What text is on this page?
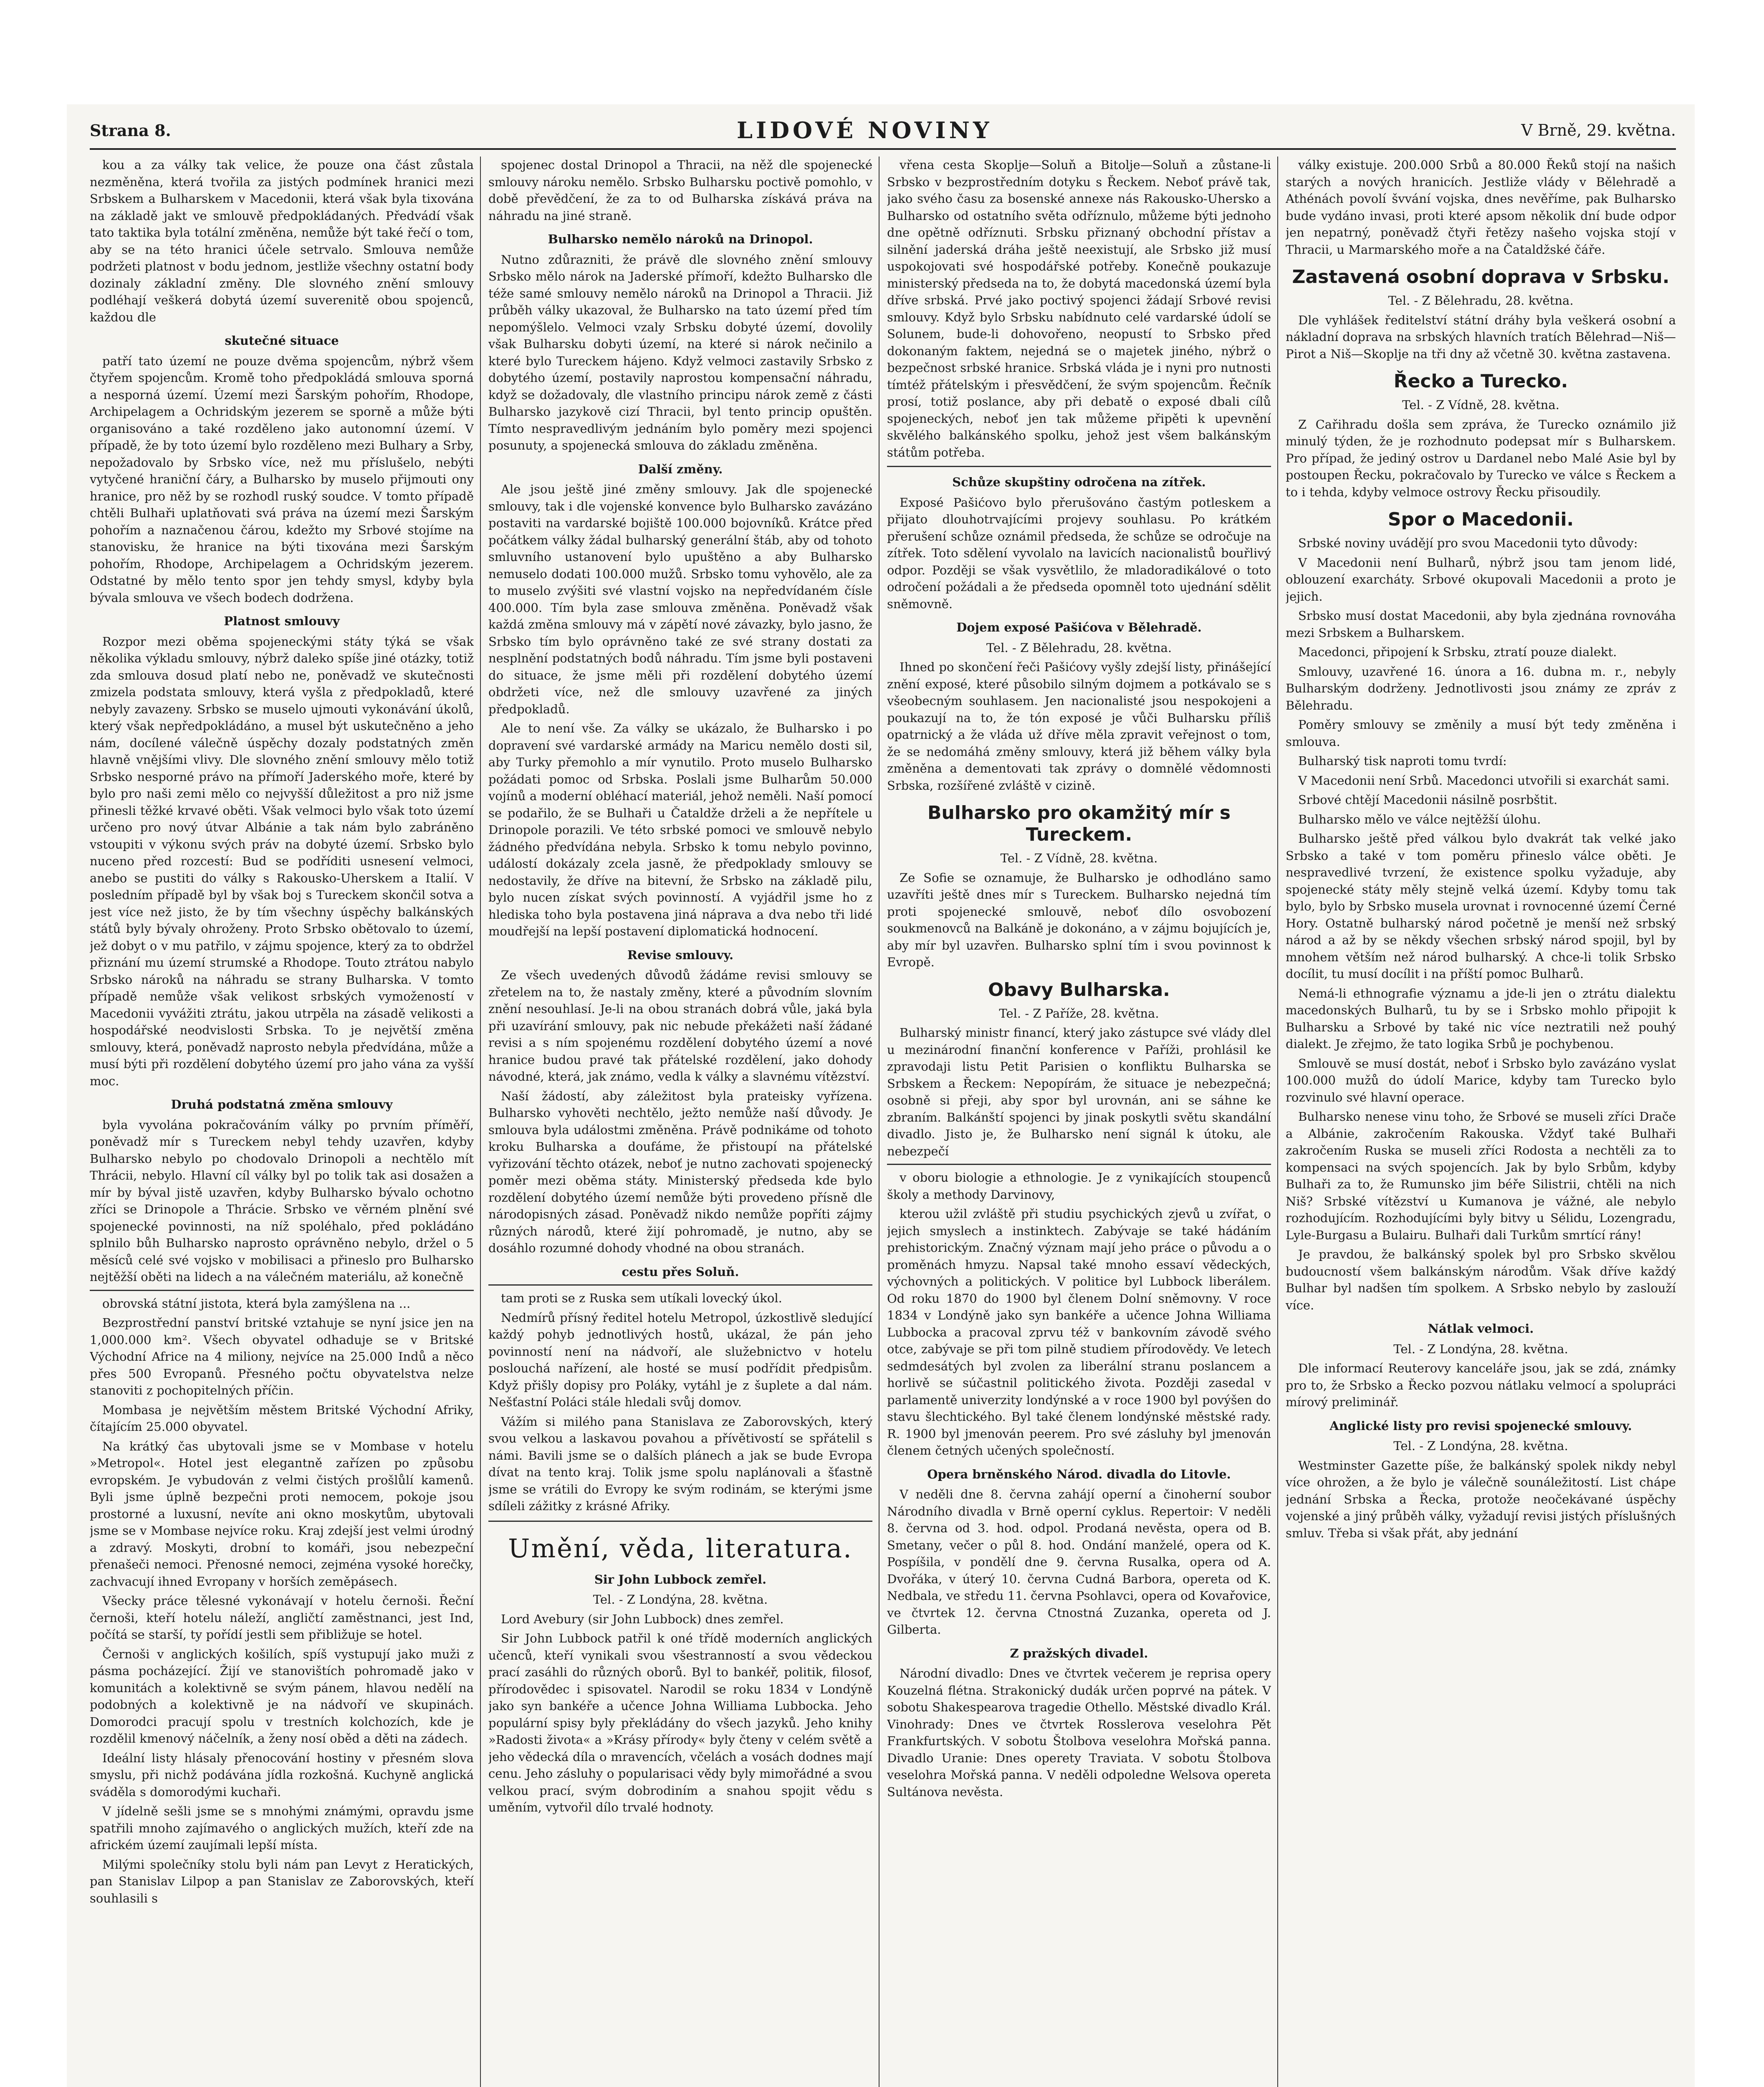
Strana 8.	LIDOVÉ NOVINY	V Brně, 29. května.

kou a za války tak velice, že pouze ona část zůstala nezměněna, která tvořila za jistých podmínek hranici mezi Srbskem a Bulharskem v Macedonii, která však byla tixována na základě jakt ve smlouvě předpokládaných. Předvádí však tato taktika byla totální změněna, nemůže být také řečí o tom, aby se na této hranici účele setrvalo. Smlouva nemůže podržeti platnost v bodu jednom, jestliže všechny ostatní body dozinaly základní změny. Dle slovného znění smlouvy podléhají veškerá dobytá území suverenitě obou spojenců, každou dle

skutečné situace

patří tato území ne pouze dvěma spojencům, nýbrž všem čtyřem spojencům. Kromě toho předpokládá smlouva sporná a nesporná území. Území mezi Šarským pohořím, Rhodope, Archipelagem a Ochridským jezerem se sporně a může býti organisováno a také rozděleno jako autonomní území. V případě, že by toto území bylo rozděleno mezi Bulhary a Srby, nepožadovalo by Srbsko více, než mu příslušelo, nebýti vytyčené hraniční čáry, a Bulharsko by muselo přijmouti ony hranice, pro něž by se rozhodl ruský soudce. V tomto případě chtěli Bulhaři uplatňovati svá práva na území mezi Šarským pohořím a naznačenou čárou, kdežto my Srbové stojíme na stanovisku, že hranice na býti tixována mezi Šarským pohořím, Rhodope, Archipelagem a Ochridským jezerem. Odstatné by mělo tento spor jen tehdy smysl, kdyby byla bývala smlouva ve všech bodech dodržena.

Platnost smlouvy

Rozpor mezi oběma spojeneckými státy týká se však několika výkladu smlouvy, nýbrž daleko spíše jiné otázky, totiž zda smlouva dosud platí nebo ne, poněvadž ve skutečnosti zmizela podstata smlouvy, která vyšla z předpokladů, které nebyly zavazeny. Srbsko se muselo ujmouti vykonávání úkolů, který však nepředpokládáno, a musel být uskutečněno a jeho nám, docílené válečně úspěchy dozaly podstatných změn hlavně vnějšími vlivy. Dle slovného znění smlouvy mělo totiž Srbsko nesporné právo na přímoří Jaderského moře, které by bylo pro naši zemi mělo co nejvyšší důležitost a pro niž jsme přinesli těžké krvavé oběti. Však velmoci bylo však toto území určeno pro nový útvar Albánie a tak nám bylo zabráněno vstoupiti v výkonu svých práv na dobyté území. Srbsko bylo nuceno před rozcestí: Bud se podříditi usnesení velmoci, anebo se pustiti do války s Rakousko-Uherskem a Italií. V posledním případě byl by však boj s Tureckem skončil sotva a jest více než jisto, že by tím všechny úspěchy balkánských států byly bývaly ohroženy. Proto Srbsko obětovalo to území, jež dobyt o v mu patřilo, v zájmu spojence, který za to obdržel přiznání mu území strumské a Rhodope. Touto ztrátou nabylo Srbsko nároků na náhradu se strany Bulharska. V tomto případě nemůže však velikost srbských vymožeností v Macedonii vyvážiti ztrátu, jakou utrpěla na zásadě velikosti a hospodářské neodvislosti Srbska. To je největší změna smlouvy, která, poněvadž naprosto nebyla předvídána, může a musí býti při rozdělení dobytého území pro jaho vána za vyšší moc.

Druhá podstatná změna smlouvy

byla vyvolána pokračováním války po prvním příměří, poněvadž mír s Tureckem nebyl tehdy uzavřen, kdyby Bulharsko nebylo po chodovalo Drinopoli a nechtělo mít Thrácii, nebylo. Hlavní cíl války byl po tolik tak asi dosažen a mír by býval jistě uzavřen, kdyby Bulharsko bývalo ochotno zříci se Drinopole a Thrácie. Srbsko ve věrném plnění své spojenecké povinnosti, na níž spoléhalo, před pokládáno splnilo bůh Bulharsko naprosto oprávněno nebylo, držel o 5 měsíců celé své vojsko v mobilisaci a přineslo pro Bulharsko nejtěžší oběti na lidech a na válečném materiálu, až konečně

obrovská státní jistota, která byla zamýšlena na ...

Bezprostřední panství britské vztahuje se nyní jsice jen na 1,000.000 km². Všech obyvatel odhaduje se v Britské Východní Africe na 4 miliony, nejvíce na 25.000 Indů a něco přes 500 Evropanů. Přesného počtu obyvatelstva nelze stanoviti z pochopitelných příčin.

Mombasa je největším městem Britské Východní Afriky, čítajícím 25.000 obyvatel.

Na krátký čas ubytovali jsme se v Mombase v hotelu »Metropol«. Hotel jest elegantně zařízen po způsobu evropském. Je vybudován z velmi čistých prošlůlí kamenů. Byli jsme úplně bezpečni proti nemocem, pokoje jsou prostorné a luxusní, nevíte ani okno moskytům, ubytovali jsme se v Mombase nejvíce roku. Kraj zdejší jest velmi úrodný a zdravý. Moskyti, drobní to komáři, jsou nebezpeční přenašeči nemoci. Přenosné nemoci, zejména vysoké horečky, zachvacují ihned Evropany v horších zeměpásech.

Všecky práce tělesné vykonávají v hotelu černoši. Řeční černoši, kteří hotelu náleží, angličtí zaměstnanci, jest Ind, počítá se starší, ty pořídí jestli sem přibližuje se hotel.

Černoši v anglických košilích, spíš vystupují jako muži z pásma pocházející. Žijí ve stanovištích pohromadě jako v komunitách a kolektivně se svým pánem, hlavou nedělí na podobných a kolektivně je na nádvoří ve skupinách. Domorodci pracují spolu v trestních kolchozích, kde je rozdělil kmenový náčelník, a ženy nosí oběd a děti na zádech.

Ideální listy hlásaly přenocování hostiny v přesném slova smyslu, při nichž podávána jídla rozkošná. Kuchyně anglická sváděla s domorodými kuchaři.

V jídelně sešli jsme se s mnohými známými, opravdu jsme spatřili mnoho zajímavého o anglických mužích, kteří zde na africkém území zaujímali lepší místa.

Milými společníky stolu byli nám pan Levyt z Heratických, pan Stanislav Lilpop a pan Stanislav ze Zaborovských, kteří souhlasili s

spojenec dostal Drinopol a Thracii, na něž dle spojenecké smlouvy nároku nemělo. Srbsko Bulharsku poctivě pomohlo, v době převědčení, že za to od Bulharska získává práva na náhradu na jiné straně.

Bulharsko nemělo nároků na Drinopol.

Nutno zdůrazniti, že právě dle slovného znění smlouvy Srbsko mělo nárok na Jaderské přímoří, kdežto Bulharsko dle téže samé smlouvy nemělo nároků na Drinopol a Thracii. Již průběh války ukazoval, že Bulharsko na tato území před tím nepomýšlelo. Velmoci vzaly Srbsku dobyté území, dovolily však Bulharsku dobyti území, na které si nárok nečinilo a které bylo Tureckem hájeno. Když velmoci zastavily Srbsko z dobytého území, postavily naprostou kompensační náhradu, když se dožadovaly, dle vlastního principu nárok země z části Bulharsko jazykově cizí Thracii, byl tento princip opuštěn. Tímto nespravedlivým jednáním bylo poměry mezi spojenci posunuty, a spojenecká smlouva do základu změněna.

Další změny.

Ale jsou ještě jiné změny smlouvy. Jak dle spojenecké smlouvy, tak i dle vojenské konvence bylo Bulharsko zavázáno postaviti na vardarské bojiště 100.000 bojovníků. Krátce před počátkem války žádal bulharský generální štáb, aby od tohoto smluvního ustanovení bylo upuštěno a aby Bulharsko nemuselo dodati 100.000 mužů. Srbsko tomu vyhovělo, ale za to muselo zvýšiti své vlastní vojsko na nepředvídaném čísle 400.000. Tím byla zase smlouva změněna. Poněvadž však každá změna smlouvy má v zápětí nové závazky, bylo jasno, že Srbsko tím bylo oprávněno také ze své strany dostati za nesplnění podstatných bodů náhradu. Tím jsme byli postaveni do situace, že jsme měli při rozdělení dobytého území obdržeti více, než dle smlouvy uzavřené za jiných předpokladů.

Ale to není vše. Za války se ukázalo, že Bulharsko i po dopravení své vardarské armády na Maricu nemělo dosti sil, aby Turky přemohlo a mír vynutilo. Proto muselo Bulharsko požádati pomoc od Srbska. Poslali jsme Bulharům 50.000 vojínů a moderní obléhací materiál, jehož neměli. Naší pomocí se podařilo, že se Bulhaři u Čataldže drželi a že nepřítele u Drinopole porazili. Ve této srbské pomoci ve smlouvě nebylo žádného předvídána nebyla. Srbsko k tomu nebylo povinno, událostí dokázaly zcela jasně, že předpoklady smlouvy se nedostavily, že dříve na bitevní, že Srbsko na základě pilu, bylo nucen získat svých povinností. A vyjádřil jsme ho z hlediska toho byla postavena jiná náprava a dva nebo tři lidé moudřejší na lepší postavení diplomatická hodnocení.

Revise smlouvy.

Ze všech uvedených důvodů žádáme revisi smlouvy se zřetelem na to, že nastaly změny, které a původním slovním znění nesouhlasí. Je-li na obou stranách dobrá vůle, jaká byla při uzavírání smlouvy, pak nic nebude překážeti naší žádané revisi a s ním spojenému rozdělení dobytého území a nové hranice budou pravé tak přátelské rozdělení, jako dohody návodné, která, jak známo, vedla k války a slavnému vítězství.

Naší žádostí, aby záležitost byla prateisky vyřízena. Bulharsko vyhověti nechtělo, ježto nemůže naší důvody. Je smlouva byla událostmi změněna. Právě podnikáme od tohoto kroku Bulharska a doufáme, že přistoupí na přátelské vyřizování těchto otázek, neboť je nutno zachovati spojenecký poměr mezi oběma státy. Ministerský předseda kde bylo rozdělení dobytého území nemůže býti provedeno přísně dle národopisných zásad. Poněvadž nikdo nemůže popříti zájmy různých národů, které žijí pohromadě, je nutno, aby se dosáhlo rozumné dohody vhodné na obou stranách.

cestu přes Soluň.

tam proti se z Ruska sem utíkali lovecký úkol.

Nedmírů přísný ředitel hotelu Metropol, úzkostlivě sledující každý pohyb jednotlivých hostů, ukázal, že pán jeho povinností není na nádvoří, ale služebnictvo v hotelu poslouchá nařízení, ale hosté se musí podřídit předpisům. Když přišly dopisy pro Poláky, vytáhl je z šuplete a dal nám. Nešťastní Poláci stále hledali svůj domov.

Vážím si milého pana Stanislava ze Zaborovských, který svou velkou a laskavou povahou a přívětivostí se spřátelil s námi. Bavili jsme se o dalších plánech a jak se bude Evropa dívat na tento kraj. Tolik jsme spolu naplánovali a šťastně jsme se vrátili do Evropy ke svým rodinám, se kterými jsme sdíleli zážitky z krásné Afriky.

Umění, věda, literatura.

Sir John Lubbock zemřel.

Tel. - Z Londýna, 28. května.

Lord Avebury (sir John Lubbock) dnes zemřel.

Sir John Lubbock patřil k oné třídě moderních anglických učenců, kteří vynikali svou všestranností a svou vědeckou prací zasáhli do různých oborů. Byl to bankéř, politik, filosof, přírodovědec i spisovatel. Narodil se roku 1834 v Londýně jako syn bankéře a učence Johna Williama Lubbocka. Jeho populární spisy byly překládány do všech jazyků. Jeho knihy »Radosti života« a »Krásy přírody« byly čteny v celém světě a jeho vědecká díla o mravencích, včelách a vosách dodnes mají cenu. Jeho zásluhy o popularisaci vědy byly mimořádné a svou velkou prací, svým dobrodiním a snahou spojit vědu s uměním, vytvořil dílo trvalé hodnoty.

vřena cesta Skoplje—Soluň a Bitolje—Soluň a zůstane-li Srbsko v bezprostředním dotyku s Řeckem. Neboť právě tak, jako svého času za bosenské annexe nás Rakousko-Uhersko a Bulharsko od ostatního světa odříznulo, můžeme býti jednoho dne opětně odříznuti. Srbsku přiznaný obchodní přístav a silnění jaderská dráha ještě neexistují, ale Srbsko již musí uspokojovati své hospodářské potřeby. Konečně poukazuje ministerský předseda na to, že dobytá macedonská území byla dříve srbská. Prvé jako poctivý spojenci žádají Srbové revisi smlouvy. Když bylo Srbsku nabídnuto celé vardarské údolí se Solunem, bude-li dohovořeno, neopustí to Srbsko před dokonaným faktem, nejedná se o majetek jiného, nýbrž o bezpečnost srbské hranice. Srbská vláda je i nyni pro nutnosti tímtéž přátelským i přesvědčení, že svým spojencům. Řečník prosí, totiž poslance, aby při debatě o exposé dbali cílů spojeneckých, neboť jen tak můžeme připěti k upevnění skvělého balkánského spolku, jehož jest všem balkánským státům potřeba.

Schůze skupštiny odročena na zítřek.

Exposé Pašićovo bylo přerušováno častým potleskem a přijato dlouhotrvajícími projevy souhlasu. Po krátkém přerušení schůze oznámil předseda, že schůze se odročuje na zítřek. Toto sdělení vyvolalo na lavicích nacionalistů bouřlivý odpor. Později se však vysvětlilo, že mladoradikálové o toto odročení požádali a že předseda opomněl toto ujednání sdělit sněmovně.

Dojem exposé Pašićova v Bělehradě.

Tel. - Z Bělehradu, 28. května.

Ihned po skončení řeči Pašićovy vyšly zdejší listy, přinášející znění exposé, které působilo silným dojmem a potkávalo se s všeobecným souhlasem. Jen nacionalisté jsou nespokojeni a poukazují na to, že tón exposé je vůči Bulharsku příliš opatrnický a že vláda už dříve měla zpravit veřejnost o tom, že se nedomáhá změny smlouvy, která již během války byla změněna a dementovati tak zprávy o domnělé vědomnosti Srbska, rozšířené zvláště v cizině.

Bulharsko pro okamžitý mír s Tureckem.

Tel. - Z Vídně, 28. května.

Ze Sofie se oznamuje, že Bulharsko je odhodláno samo uzavříti ještě dnes mír s Tureckem. Bulharsko nejedná tím proti spojenecké smlouvě, neboť dílo osvobození soukmenovců na Balkáně je dokonáno, a v zájmu bojujících je, aby mír byl uzavřen. Bulharsko splní tím i svou povinnost k Evropě.

Obavy Bulharska.

Tel. - Z Paříže, 28. května.

Bulharský ministr financí, který jako zástupce své vlády dlel u mezinárodní finanční konference v Paříži, prohlásil ke zpravodaji listu Petit Parisien o konfliktu Bulharska se Srbskem a Řeckem: Nepopírám, že situace je nebezpečná; osobně si přeji, aby spor byl urovnán, ani se sáhne ke zbraním. Balkánští spojenci by jinak poskytli světu skandální divadlo. Jisto je, že Bulharsko není signál k útoku, ale nebezpečí

v oboru biologie a ethnologie. Je z vynikajících stoupenců školy a methody Darvinovy,

kterou užil zvláště při studiu psychických zjevů u zvířat, o jejich smyslech a instinktech. Zabývaje se také hádáním prehistorickým. Značný význam mají jeho práce o původu a o proměnách hmyzu. Napsal také mnoho essaví vědeckých, výchovných a politických. V politice byl Lubbock liberálem. Od roku 1870 do 1900 byl členem Dolní sněmovny. V roce 1834 v Londýně jako syn bankéře a učence Johna Williama Lubbocka a pracoval zprvu též v bankovním závodě svého otce, zabývaje se při tom pilně studiem přírodovědy. Ve letech sedmdesátých byl zvolen za liberální stranu poslancem a horlivě se súčastnil politického života. Později zasedal v parlamentě univerzity londýnské a v roce 1900 byl povýšen do stavu šlechtického. Byl také členem londýnské městské rady. R. 1900 byl jmenován peerem. Pro své zásluhy byl jmenován členem četných učených společností.

Opera brněnského Národ. divadla do Litovle.

V neděli dne 8. června zahájí operní a činoherní soubor Národního divadla v Brně operní cyklus. Repertoir: V neděli 8. června od 3. hod. odpol. Prodaná nevěsta, opera od B. Smetany, večer o půl 8. hod. Ondání manželé, opera od K. Pospíšila, v pondělí dne 9. června Rusalka, opera od A. Dvořáka, v úterý 10. června Cudná Barbora, opereta od K. Nedbala, ve středu 11. června Psohlavci, opera od Kovařovice, ve čtvrtek 12. června Ctnostná Zuzanka, opereta od J. Gilberta.

Z pražských divadel.

Národní divadlo: Dnes ve čtvrtek večerem je reprisa opery Kouzelná flétna. Strakonický dudák určen poprvé na pátek. V sobotu Shakespearova tragedie Othello. Městské divadlo Král. Vinohrady: Dnes ve čtvrtek Rosslerova veselohra Pět Frankfurtských. V sobotu Štolbova veselohra Mořská panna. Divadlo Uranie: Dnes operety Traviata. V sobotu Štolbova veselohra Mořská panna. V neděli odpoledne Welsova opereta Sultánova nevěsta.

války existuje. 200.000 Srbů a 80.000 Řeků stojí na našich starých a nových hranicích. Jestliže vlády v Bělehradě a Athénách povolí švvání vojska, dnes nevěříme, pak Bulharsko bude vydáno invasi, proti které apsom několik dní bude odpor jen nepatrný, poněvadž čtyři řetězy našeho vojska stojí v Thracii, u Marmarského moře a na Čataldžské čáře.

Zastavená osobní doprava v Srbsku.

Tel. - Z Bělehradu, 28. května.

Dle vyhlášek ředitelství státní dráhy byla veškerá osobní a nákladní doprava na srbských hlavních tratích Bělehrad—Niš—Pirot a Niš—Skoplje na tři dny až včetně 30. května zastavena.

Řecko a Turecko.

Tel. - Z Vídně, 28. května.

Z Cařihradu došla sem zpráva, že Turecko oznámilo již minulý týden, že je rozhodnuto podepsat mír s Bulharskem. Pro případ, že jediný ostrov u Dardanel nebo Malé Asie byl by postoupen Řecku, pokračovalo by Turecko ve válce s Řeckem a to i tehda, kdyby velmoce ostrovy Řecku přisoudily.

Spor o Macedonii.

Srbské noviny uvádějí pro svou Macedonii tyto důvody:

V Macedonii není Bulharů, nýbrž jsou tam jenom lidé, oblouzení exarcháty. Srbové okupovali Macedonii a proto je jejich.

Srbsko musí dostat Macedonii, aby byla zjednána rovnováha mezi Srbskem a Bulharskem.

Macedonci, připojení k Srbsku, ztratí pouze dialekt.

Smlouvy, uzavřené 16. února a 16. dubna m. r., nebyly Bulharským dodrženy. Jednotlivosti jsou známy ze zpráv z Bělehradu.

Poměry smlouvy se změnily a musí být tedy změněna i smlouva.

Bulharský tisk naproti tomu tvrdí:

V Macedonii není Srbů. Macedonci utvořili si exarchát sami.

Srbové chtějí Macedonii násilně posrbštit.

Bulharsko mělo ve válce nejtěžší úlohu.

Bulharsko ještě před válkou bylo dvakrát tak velké jako Srbsko a také v tom poměru přineslo válce oběti. Je nespravedlivé tvrzení, že existence spolku vyžaduje, aby spojenecké státy měly stejně velká území. Kdyby tomu tak bylo, bylo by Srbsko musela urovnat i rovnocenné území Černé Hory. Ostatně bulharský národ početně je menší než srbský národ a až by se někdy všechen srbský národ spojil, byl by mnohem větším než národ bulharský. A chce-li tolik Srbsko docílit, tu musí docílit i na příští pomoc Bulharů.

Nemá-li ethnografie významu a jde-li jen o ztrátu dialektu macedonských Bulharů, tu by se i Srbsko mohlo připojit k Bulharsku a Srbové by také nic více neztratili než pouhý dialekt. Je zřejmo, že tato logika Srbů je pochybenou.

Smlouvě se musí dostát, neboť i Srbsko bylo zavázáno vyslat 100.000 mužů do údolí Marice, kdyby tam Turecko bylo rozvinulo své hlavní operace.

Bulharsko nenese vinu toho, že Srbové se museli zříci Drače a Albánie, zakročením Rakouska. Vždyť také Bulhaři zakročením Ruska se museli zříci Rodosta a nechtěli za to kompensaci na svých spojencích. Jak by bylo Srbům, kdyby Bulhaři za to, že Rumunsko jim béře Silistrii, chtěli na nich Niš? Srbské vítězství u Kumanova je vážné, ale nebylo rozhodujícím. Rozhodujícími byly bitvy u Sélidu, Lozengradu, Lyle-Burgasu a Bulairu. Bulhaři dali Turkům smrtící rány!

Je pravdou, že balkánský spolek byl pro Srbsko skvělou budoucností všem balkánským národům. Však dříve každý Bulhar byl nadšen tím spolkem. A Srbsko nebylo by zaslouží více.

Nátlak velmoci.

Tel. - Z Londýna, 28. května.

Dle informací Reuterovy kanceláře jsou, jak se zdá, známky pro to, že Srbsko a Řecko pozvou nátlaku velmocí a spolupráci mírový preliminář.

Anglické listy pro revisi spojenecké smlouvy.

Tel. - Z Londýna, 28. května.

Westminster Gazette píše, že balkánský spolek nikdy nebyl více ohrožen, a že bylo je válečně sounáležitostí. List chápe jednání Srbska a Řecka, protože neočekávané úspěchy vojenské a jiný průběh války, vyžadují revisi jistých příslušných smluv. Třeba si však přát, aby jednání
